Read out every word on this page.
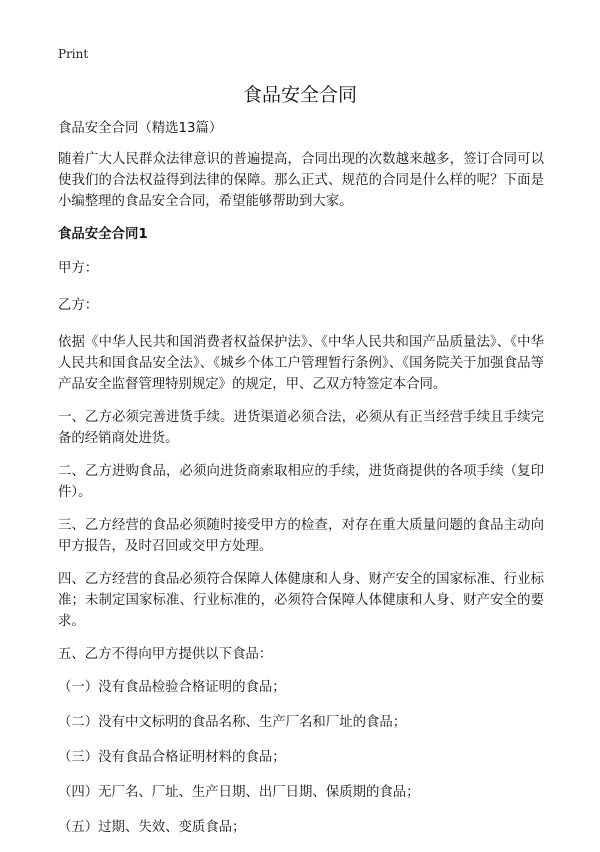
Print
食品安全合同
食品安全合同（精选13篇）
随着广大人民群众法律意识的普遍提高，合同出现的次数越来越多，签订合同可以使我们的合法权益得到法律的保障。那么正式、规范的合同是什么样的呢？下面是小编整理的食品安全合同，希望能够帮助到大家。
食品安全合同1
甲方：
乙方：
依据《中华人民共和国消费者权益保护法》、《中华人民共和国产品质量法》、《中华人民共和国食品安全法》、《城乡个体工户管理暂行条例》、《国务院关于加强食品等产品安全监督管理特别规定》的规定，甲、乙双方特签定本合同。
一、乙方必须完善进货手续。进货渠道必须合法，必须从有正当经营手续且手续完备的经销商处进货。
二、乙方进购食品，必须向进货商索取相应的手续，进货商提供的各项手续（复印件）。
三、乙方经营的食品必须随时接受甲方的检查，对存在重大质量问题的食品主动向甲方报告，及时召回或交甲方处理。
四、乙方经营的食品必须符合保障人体健康和人身、财产安全的国家标准、行业标准；未制定国家标准、行业标准的，必须符合保障人体健康和人身、财产安全的要求。
五、乙方不得向甲方提供以下食品：
（一）没有食品检验合格证明的食品；
（二）没有中文标明的食品名称、生产厂名和厂址的食品；
（三）没有食品合格证明材料的食品；
（四）无厂名、厂址、生产日期、出厂日期、保质期的食品；
（五）过期、失效、变质食品；
